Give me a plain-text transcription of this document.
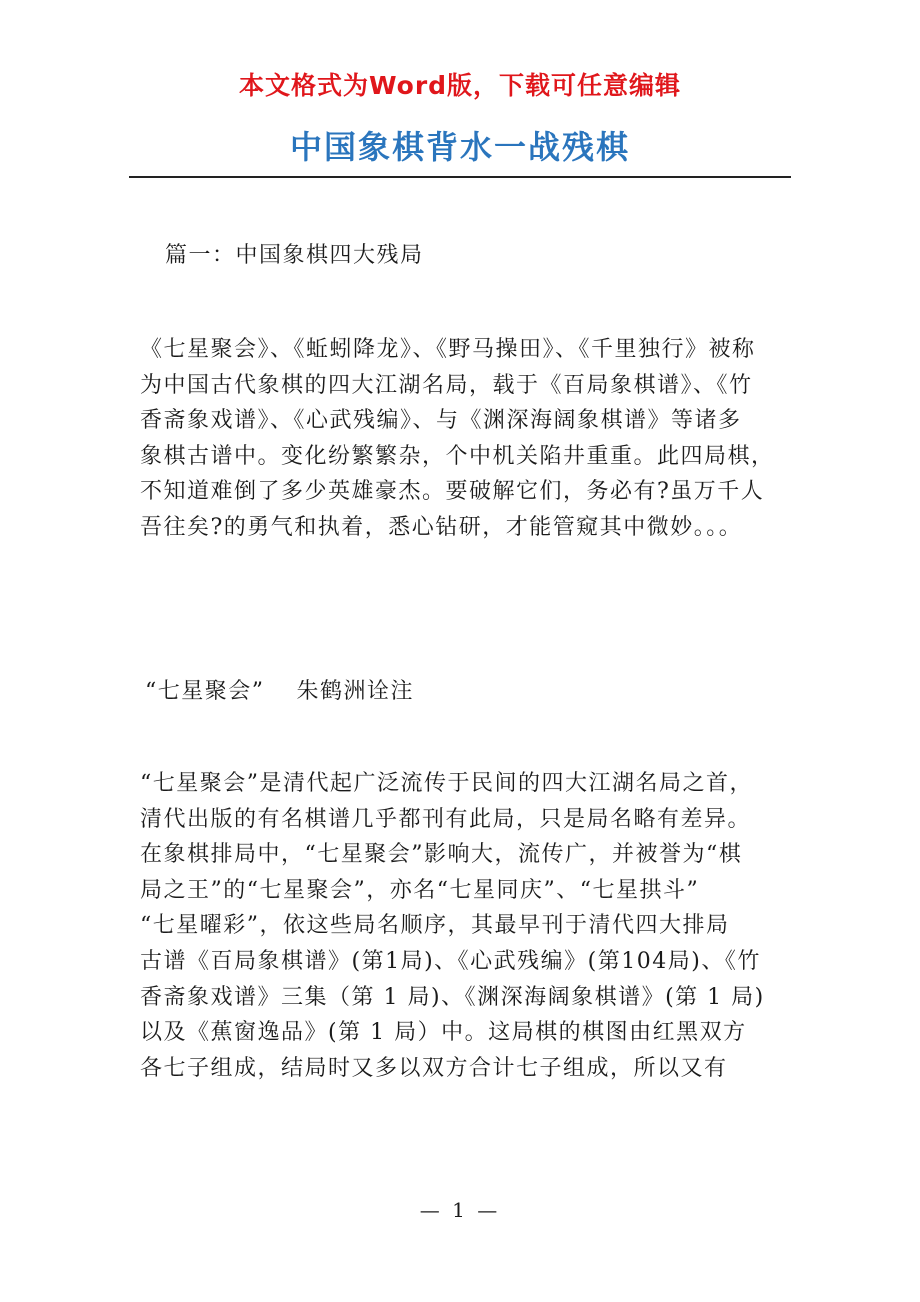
本文格式为Word版，下载可任意编辑
中国象棋背水一战残棋
篇一：中国象棋四大残局
《七星聚会》、《蚯蚓降龙》、《野马操田》、《千里独行》被称
为中国古代象棋的四大江湖名局，载于《百局象棋谱》、《竹
香斋象戏谱》、《心武残编》、与《渊深海阔象棋谱》等诸多
象棋古谱中。变化纷繁繁杂，个中机关陷井重重。此四局棋，
不知道难倒了多少英雄豪杰。要破解它们，务必有?虽万千人
吾往矣?的勇气和执着，悉心钻研，才能管窥其中微妙。。。
“七星聚会”　 朱鹤洲诠注
“七星聚会”是清代起广泛流传于民间的四大江湖名局之首，
清代出版的有名棋谱几乎都刊有此局，只是局名略有差异。
在象棋排局中，“七星聚会”影响大，流传广，并被誉为“棋
局之王”的“七星聚会”，亦名“七星同庆”、“七星拱斗”
“七星曜彩”，依这些局名顺序，其最早刊于清代四大排局
古谱《百局象棋谱》(第1局)、《心武残编》(第104局)、《竹
香斋象戏谱》三集（第 1 局)、《渊深海阔象棋谱》(第 1 局)
以及《蕉窗逸品》(第 1 局）中。这局棋的棋图由红黑双方
各七子组成，结局时又多以双方合计七子组成，所以又有
— 1 —
